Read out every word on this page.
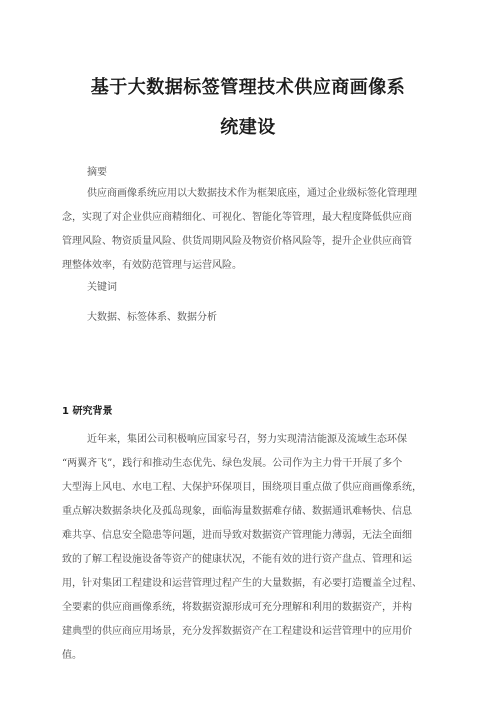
基于大数据标签管理技术供应商画像系
统建设
摘要
供应商画像系统应用以大数据技术作为框架底座，通过企业级标签化管理理
念，实现了对企业供应商精细化、可视化、智能化等管理，最大程度降低供应商
管理风险、物资质量风险、供货周期风险及物资价格风险等，提升企业供应商管
理整体效率，有效防范管理与运营风险。
关键词
大数据、标签体系、数据分析
1 研究背景
近年来，集团公司积极响应国家号召，努力实现清洁能源及流域生态环保
“两翼齐飞”，践行和推动生态优先、绿色发展。公司作为主力骨干开展了多个
大型海上风电、水电工程、大保护环保项目，围绕项目重点做了供应商画像系统，
重点解决数据条块化及孤岛现象，面临海量数据难存储、数据通讯难畅快、信息
难共享、信息安全隐患等问题，进而导致对数据资产管理能力薄弱，无法全面细
致的了解工程设施设备等资产的健康状况，不能有效的进行资产盘点、管理和运
用，针对集团工程建设和运营管理过程产生的大量数据，有必要打造覆盖全过程、
全要素的供应商画像系统，将数据资源形成可充分理解和利用的数据资产，并构
建典型的供应商应用场景，充分发挥数据资产在工程建设和运营管理中的应用价
值。
